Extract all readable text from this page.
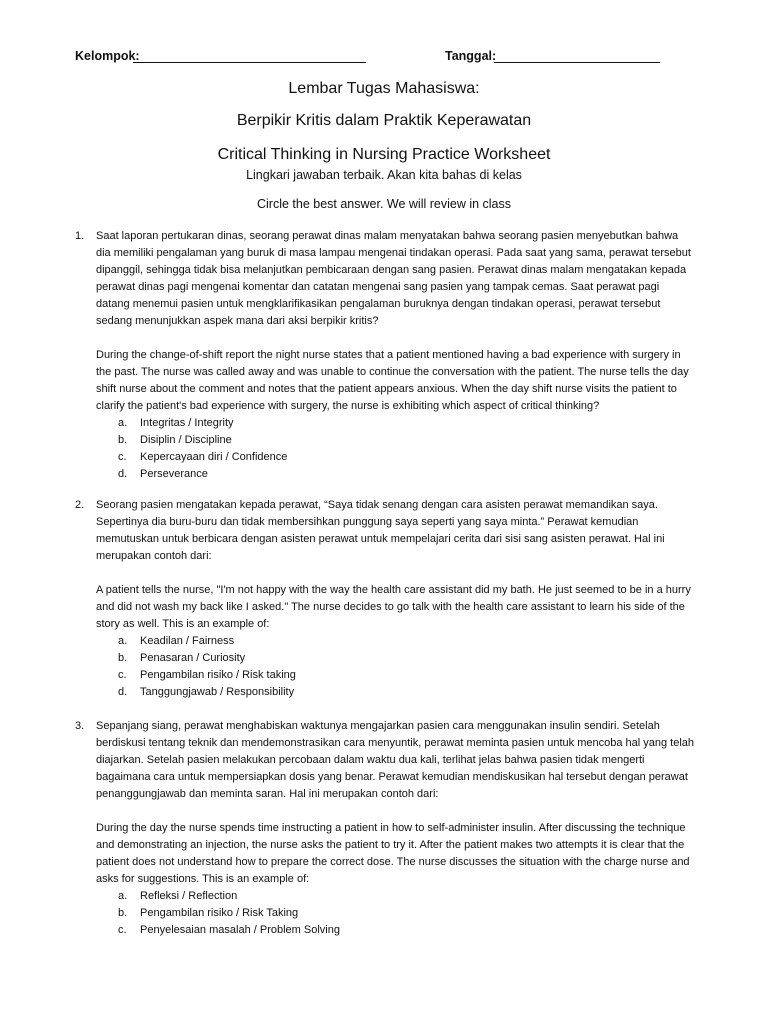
Kelompok:	Tanggal:
Lembar Tugas Mahasiswa:
Berpikir Kritis dalam Praktik Keperawatan
Critical Thinking in Nursing Practice Worksheet
Lingkari jawaban terbaik. Akan kita bahas di kelas
Circle the best answer. We will review in class
1. Saat laporan pertukaran dinas, seorang perawat dinas malam menyatakan bahwa seorang pasien menyebutkan bahwa dia memiliki pengalaman yang buruk di masa lampau mengenai tindakan operasi. Pada saat yang sama, perawat tersebut dipanggil, sehingga tidak bisa melanjutkan pembicaraan dengan sang pasien. Perawat dinas malam mengatakan kepada perawat dinas pagi mengenai komentar dan catatan mengenai sang pasien yang tampak cemas. Saat perawat pagi datang menemui pasien untuk mengklarifikasikan pengalaman buruknya dengan tindakan operasi, perawat tersebut sedang menunjukkan aspek mana dari aksi berpikir kritis?

During the change-of-shift report the night nurse states that a patient mentioned having a bad experience with surgery in the past. The nurse was called away and was unable to continue the conversation with the patient. The nurse tells the day shift nurse about the comment and notes that the patient appears anxious. When the day shift nurse visits the patient to clarify the patient's bad experience with surgery, the nurse is exhibiting which aspect of critical thinking?

a. Integritas / Integrity
b. Disiplin / Discipline
c. Kepercayaan diri / Confidence
d. Perseverance
2. Seorang pasien mengatakan kepada perawat, “Saya tidak senang dengan cara asisten perawat memandikan saya. Sepertinya dia buru-buru dan tidak membersihkan punggung saya seperti yang saya minta.” Perawat kemudian memutuskan untuk berbicara dengan asisten perawat untuk mempelajari cerita dari sisi sang asisten perawat. Hal ini merupakan contoh dari:

A patient tells the nurse, "I'm not happy with the way the health care assistant did my bath. He just seemed to be in a hurry and did not wash my back like I asked." The nurse decides to go talk with the health care assistant to learn his side of the story as well. This is an example of:

a. Keadilan / Fairness
b. Penasaran / Curiosity
c. Pengambilan risiko / Risk taking
d. Tanggungjawab / Responsibility
3. Sepanjang siang, perawat menghabiskan waktunya mengajarkan pasien cara menggunakan insulin sendiri. Setelah berdiskusi tentang teknik dan mendemonstrasikan cara menyuntik, perawat meminta pasien untuk mencoba hal yang telah diajarkan. Setelah pasien melakukan percobaan dalam waktu dua kali, terlihat jelas bahwa pasien tidak mengerti bagaimana cara untuk mempersiapkan dosis yang benar. Perawat kemudian mendiskusikan hal tersebut dengan perawat penanggungjawab dan meminta saran. Hal ini merupakan contoh dari:

During the day the nurse spends time instructing a patient in how to self-administer insulin. After discussing the technique and demonstrating an injection, the nurse asks the patient to try it. After the patient makes two attempts it is clear that the patient does not understand how to prepare the correct dose. The nurse discusses the situation with the charge nurse and asks for suggestions. This is an example of:

a. Refleksi / Reflection
b. Pengambilan risiko / Risk Taking
c. Penyelesaian masalah / Problem Solving
